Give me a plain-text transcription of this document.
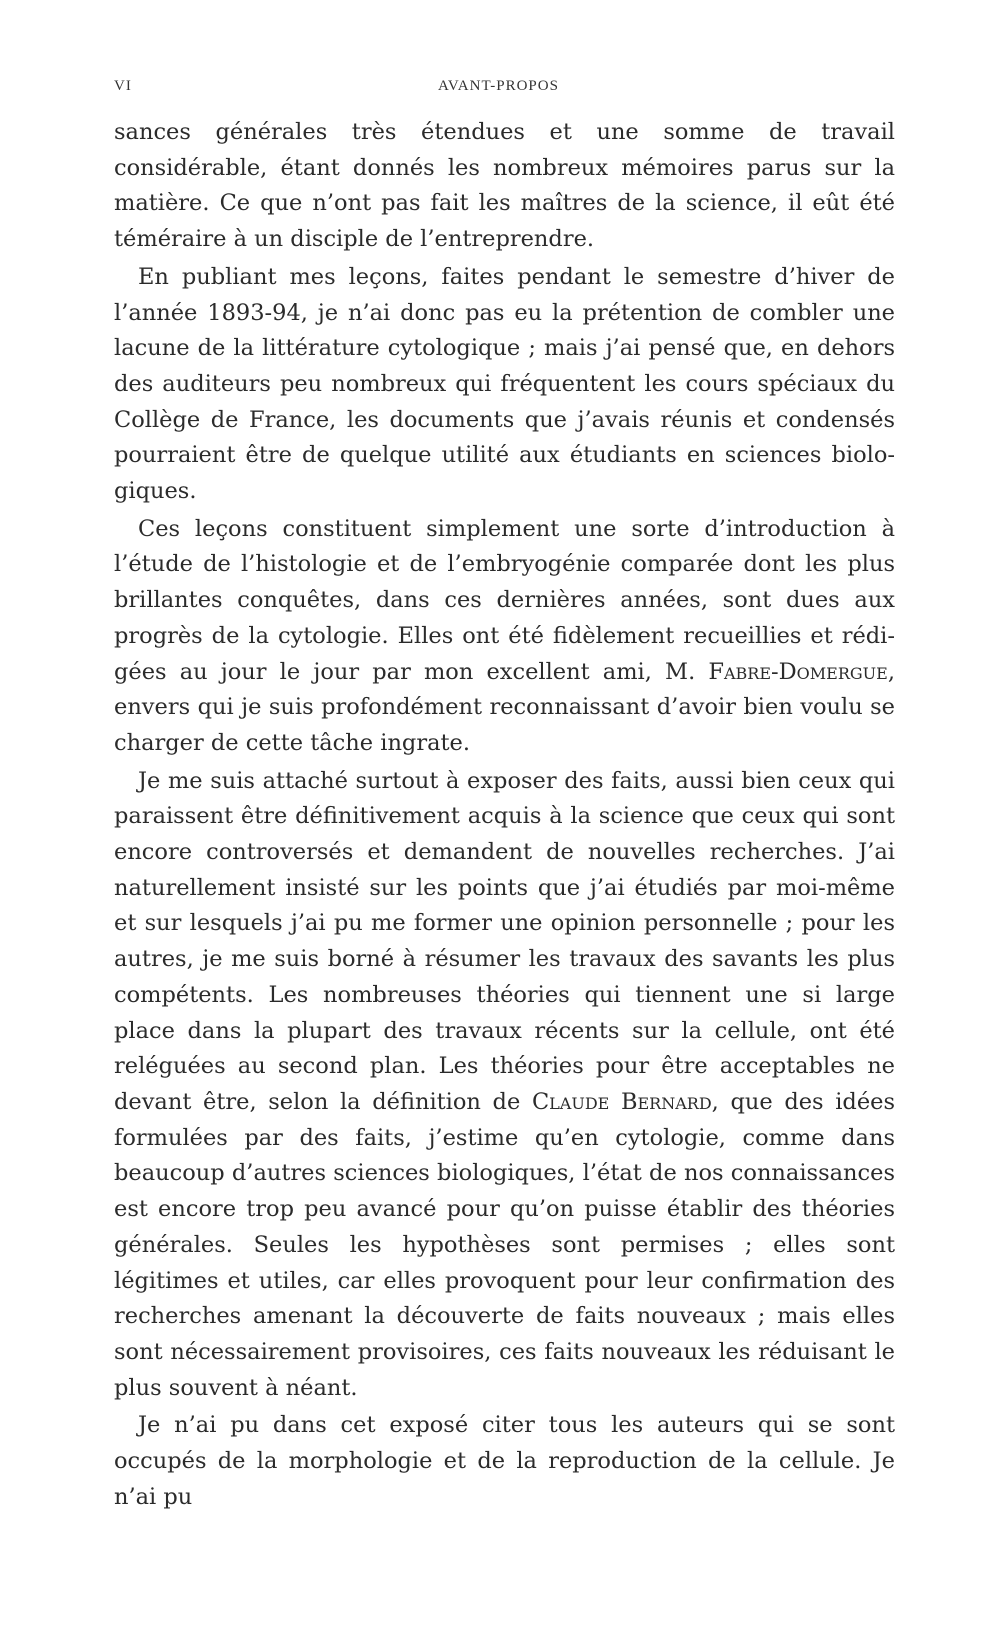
VI	AVANT-PROPOS

sances générales très étendues et une somme de travail considérable, étant donnés les nombreux mémoires parus sur la matière. Ce que n’ont pas fait les maîtres de la science, il eût été téméraire à un disciple de l’entreprendre.

En publiant mes leçons, faites pendant le semestre d’hiver de l’année 1893-94, je n’ai donc pas eu la prétention de combler une lacune de la littérature cytologique ; mais j’ai pensé que, en dehors des auditeurs peu nombreux qui fréquentent les cours spéciaux du Collège de France, les documents que j’avais réunis et condensés pourraient être de quelque utilité aux étudiants en sciences biologiques.

Ces leçons constituent simplement une sorte d’introduction à l’étude de l’histologie et de l’embryogénie comparée dont les plus brillantes conquêtes, dans ces dernières années, sont dues aux progrès de la cytologie. Elles ont été fidèlement recueillies et rédigées au jour le jour par mon excellent ami, M. Fabre-Domergue, envers qui je suis profondément reconnaissant d’avoir bien voulu se charger de cette tâche ingrate.

Je me suis attaché surtout à exposer des faits, aussi bien ceux qui paraissent être définitivement acquis à la science que ceux qui sont encore controversés et demandent de nouvelles recherches. J’ai naturellement insisté sur les points que j’ai étudiés par moi-même et sur lesquels j’ai pu me former une opinion personnelle ; pour les autres, je me suis borné à résumer les travaux des savants les plus compétents. Les nombreuses théories qui tiennent une si large place dans la plupart des travaux récents sur la cellule, ont été reléguées au second plan. Les théories pour être acceptables ne devant être, selon la définition de Claude Bernard, que des idées formulées par des faits, j’estime qu’en cytologie, comme dans beaucoup d’autres sciences biologiques, l’état de nos connaissances est encore trop peu avancé pour qu’on puisse établir des théories générales. Seules les hypothèses sont permises ; elles sont légitimes et utiles, car elles provoquent pour leur confirmation des recherches amenant la découverte de faits nouveaux ; mais elles sont nécessairement provisoires, ces faits nouveaux les réduisant le plus souvent à néant.

Je n’ai pu dans cet exposé citer tous les auteurs qui se sont occupés de la morphologie et de la reproduction de la cellule. Je n’ai pu
